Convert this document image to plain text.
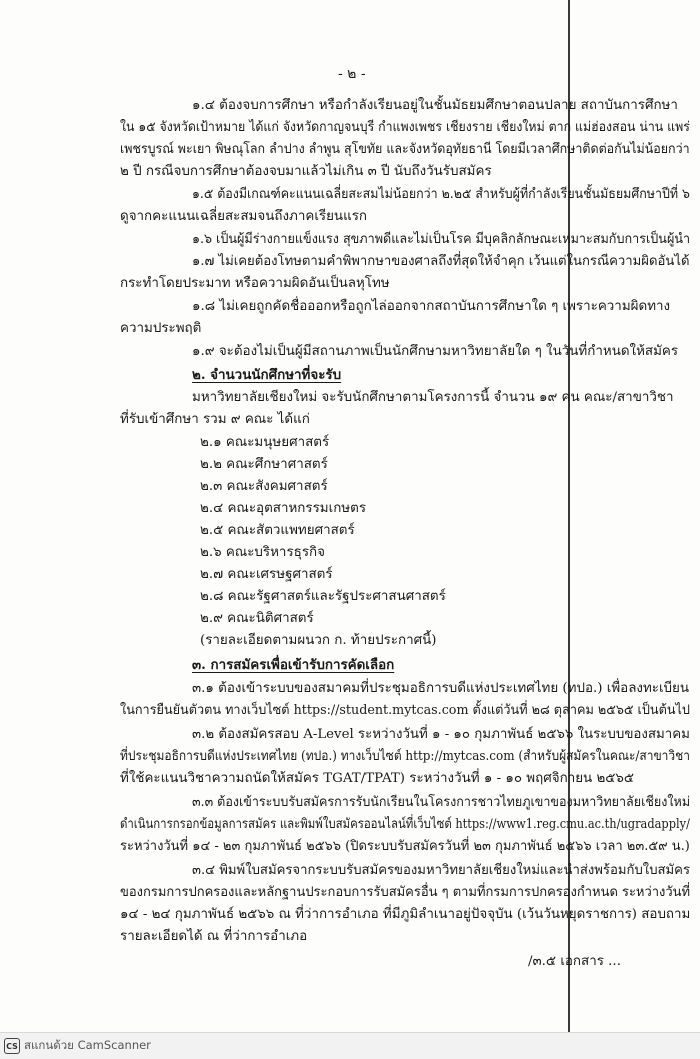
- ๒ -
๑.๔ ต้องจบการศึกษา หรือกำลังเรียนอยู่ในชั้นมัธยมศึกษาตอนปลาย สถาบันการศึกษา
ใน ๑๕ จังหวัดเป้าหมาย ได้แก่ จังหวัดกาญจนบุรี กำแพงเพชร เชียงราย เชียงใหม่ ตาก แม่ฮ่องสอน น่าน แพร่
เพชรบูรณ์ พะเยา พิษณุโลก ลำปาง ลำพูน สุโขทัย และจังหวัดอุทัยธานี โดยมีเวลาศึกษาติดต่อกันไม่น้อยกว่า
๒ ปี กรณีจบการศึกษาต้องจบมาแล้วไม่เกิน ๓ ปี นับถึงวันรับสมัคร
๑.๕ ต้องมีเกณฑ์คะแนนเฉลี่ยสะสมไม่น้อยกว่า ๒.๒๕ สำหรับผู้ที่กำลังเรียนชั้นมัธยมศึกษาปีที่ ๖
ดูจากคะแนนเฉลี่ยสะสมจนถึงภาคเรียนแรก
๑.๖ เป็นผู้มีร่างกายแข็งแรง สุขภาพดีและไม่เป็นโรค มีบุคลิกลักษณะเหมาะสมกับการเป็นผู้นำ
๑.๗ ไม่เคยต้องโทษตามคำพิพากษาของศาลถึงที่สุดให้จำคุก เว้นแต่ในกรณีความผิดอันได้
กระทำโดยประมาท หรือความผิดอันเป็นลหุโทษ
๑.๘ ไม่เคยถูกคัดชื่อออกหรือถูกไล่ออกจากสถาบันการศึกษาใด ๆ เพราะความผิดทาง
ความประพฤติ
๑.๙ จะต้องไม่เป็นผู้มีสถานภาพเป็นนักศึกษามหาวิทยาลัยใด ๆ ในวันที่กำหนดให้สมัคร
๒. จำนวนนักศึกษาที่จะรับ
มหาวิทยาลัยเชียงใหม่ จะรับนักศึกษาตามโครงการนี้ จำนวน ๑๙ คน คณะ/สาขาวิชา
ที่รับเข้าศึกษา รวม ๙ คณะ ได้แก่
๒.๑ คณะมนุษยศาสตร์
๒.๒ คณะศึกษาศาสตร์
๒.๓ คณะสังคมศาสตร์
๒.๔ คณะอุตสาหกรรมเกษตร
๒.๕ คณะสัตวแพทยศาสตร์
๒.๖ คณะบริหารธุรกิจ
๒.๗ คณะเศรษฐศาสตร์
๒.๘ คณะรัฐศาสตร์และรัฐประศาสนศาสตร์
๒.๙ คณะนิติศาสตร์
(รายละเอียดตามผนวก ก. ท้ายประกาศนี้)
๓. การสมัครเพื่อเข้ารับการคัดเลือก
๓.๑ ต้องเข้าระบบของสมาคมที่ประชุมอธิการบดีแห่งประเทศไทย (ทปอ.) เพื่อลงทะเบียน
ในการยืนยันตัวตน ทางเว็บไซต์ https://student.mytcas.com ตั้งแต่วันที่ ๒๘ ตุลาคม ๒๕๖๕ เป็นต้นไป
๓.๒ ต้องสมัครสอบ A-Level ระหว่างวันที่ ๑ - ๑๐ กุมภาพันธ์ ๒๕๖๖ ในระบบของสมาคม
ที่ประชุมอธิการบดีแห่งประเทศไทย (ทปอ.) ทางเว็บไซต์ http://mytcas.com (สำหรับผู้สมัครในคณะ/สาขาวิชา
ที่ใช้คะแนนวิชาความถนัดให้สมัคร TGAT/TPAT) ระหว่างวันที่ ๑ - ๑๐ พฤศจิกายน ๒๕๖๕
๓.๓ ต้องเข้าระบบรับสมัครการรับนักเรียนในโครงการชาวไทยภูเขาของมหาวิทยาลัยเชียงใหม่
ดำเนินการกรอกข้อมูลการสมัคร และพิมพ์ใบสมัครออนไลน์ที่เว็บไซต์ https://www1.reg.cmu.ac.th/ugradapply/
ระหว่างวันที่ ๑๔ - ๒๓ กุมภาพันธ์ ๒๕๖๖ (ปิดระบบรับสมัครวันที่ ๒๓ กุมภาพันธ์ ๒๕๖๖ เวลา ๒๓.๕๙ น.)
๓.๔ พิมพ์ใบสมัครจากระบบรับสมัครของมหาวิทยาลัยเชียงใหม่และนำส่งพร้อมกับใบสมัคร
ของกรมการปกครองและหลักฐานประกอบการรับสมัครอื่น ๆ ตามที่กรมการปกครองกำหนด ระหว่างวันที่
๑๔ - ๒๔ กุมภาพันธ์ ๒๕๖๖ ณ ที่ว่าการอำเภอ ที่มีภูมิลำเนาอยู่ปัจจุบัน (เว้นวันหยุดราชการ) สอบถาม
รายละเอียดได้ ณ ที่ว่าการอำเภอ
/๓.๕ เอกสาร ...
CS สแกนด้วย CamScanner
